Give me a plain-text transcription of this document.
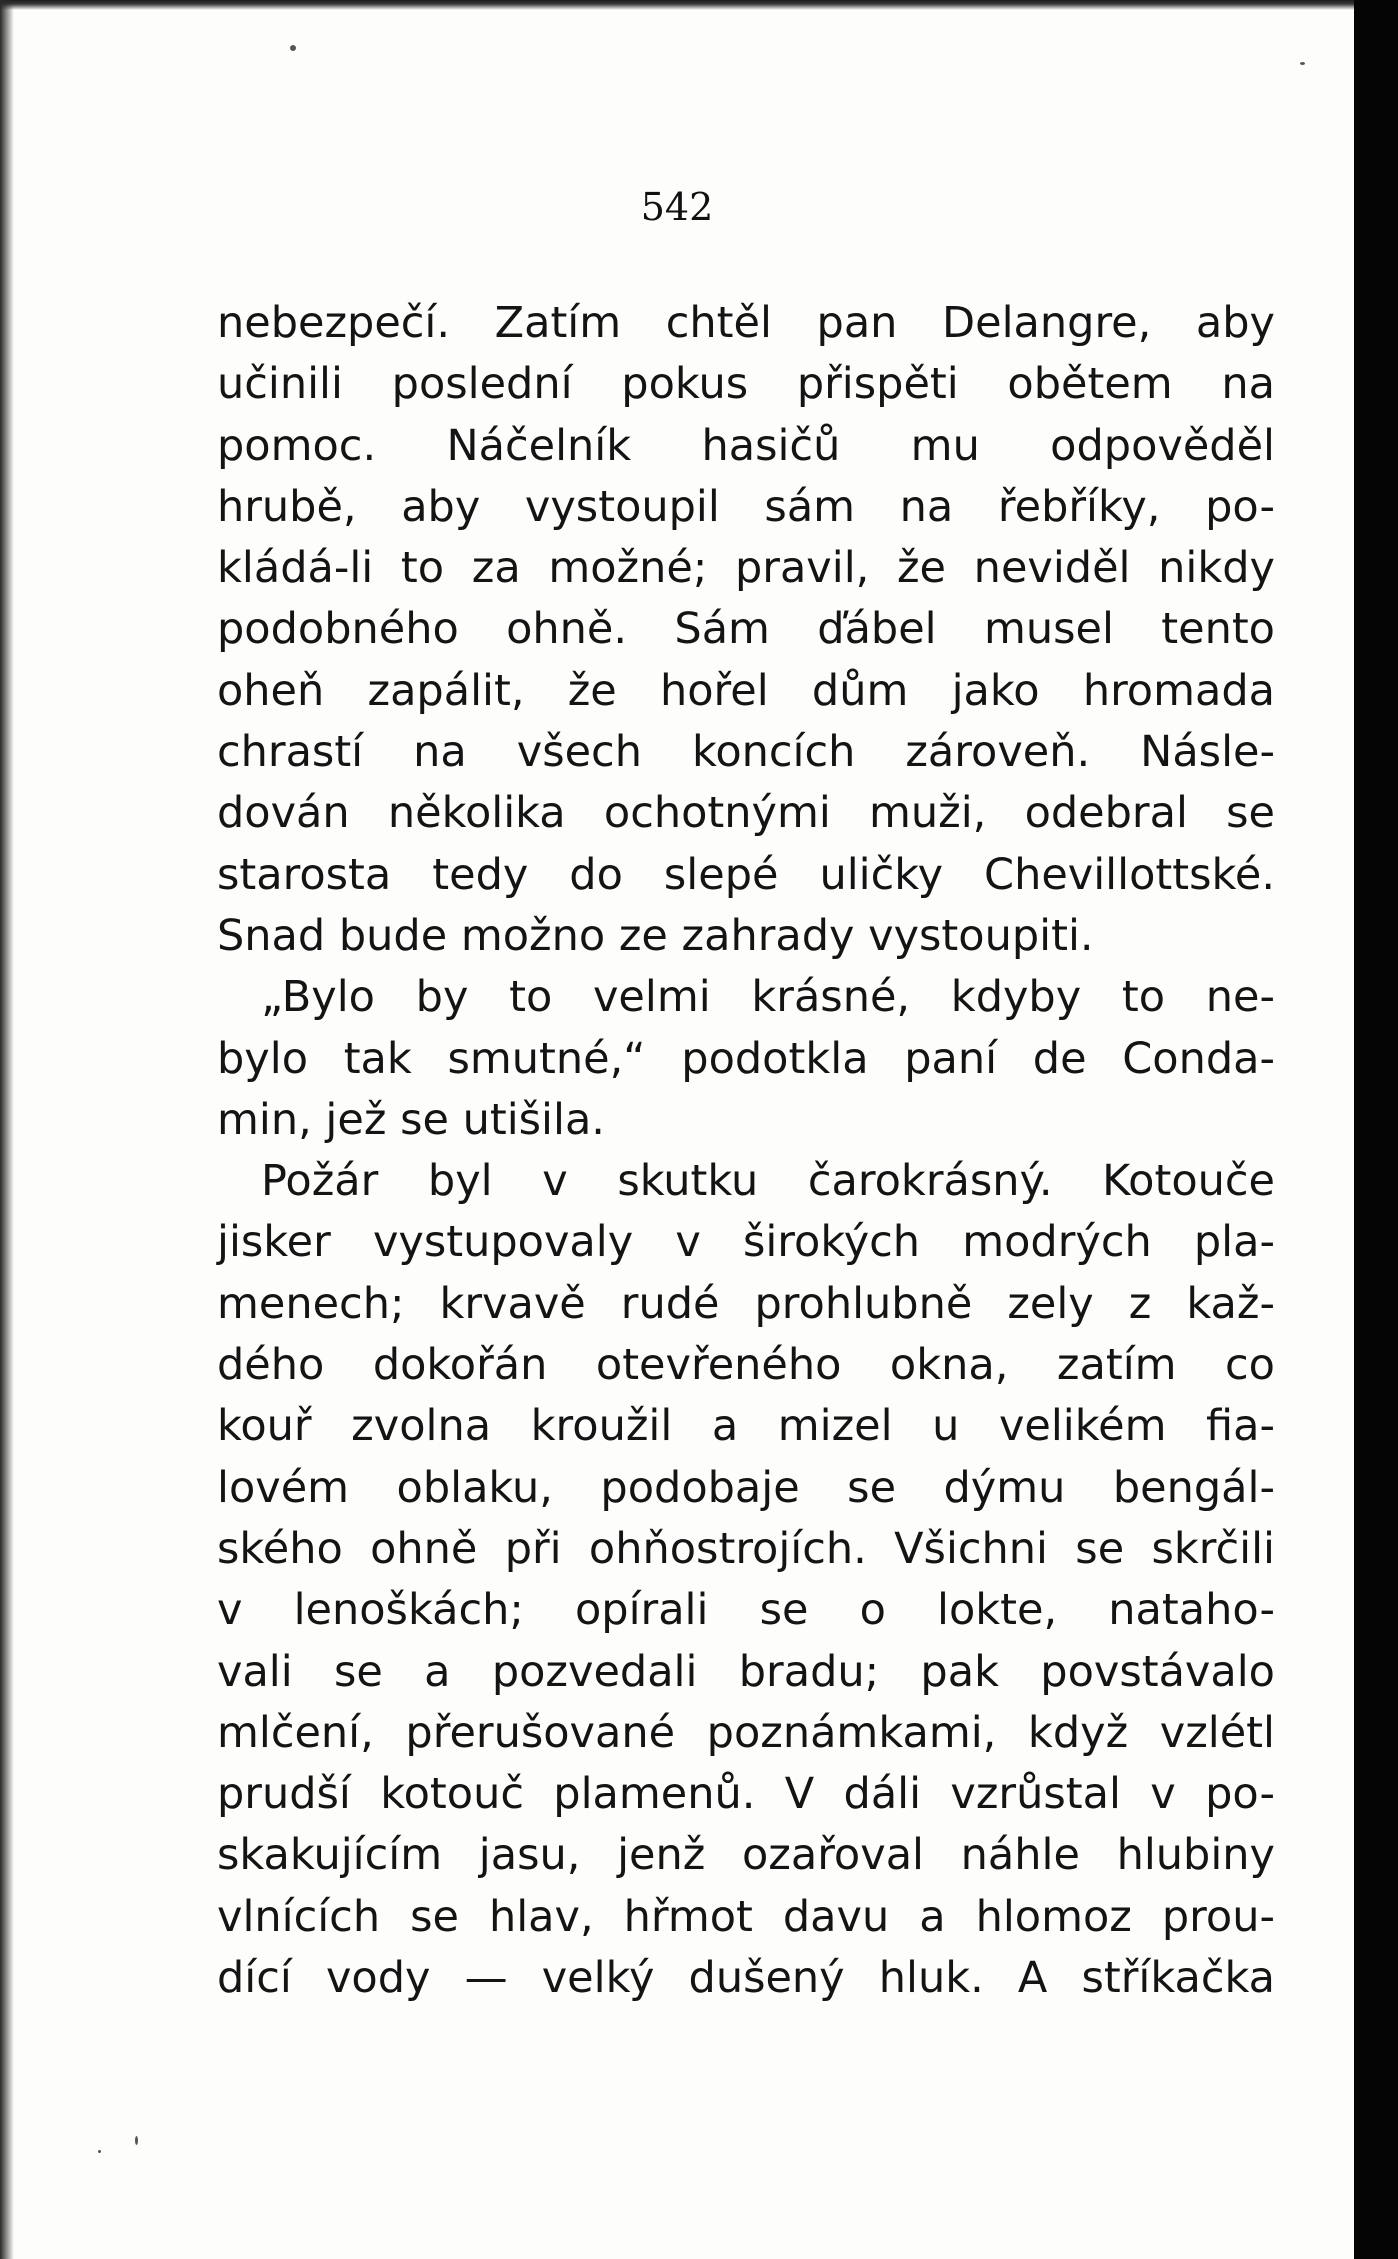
542
nebezpečí. Zatím chtěl pan Delangre, aby
učinili poslední pokus přispěti obětem na
pomoc. Náčelník hasičů mu odpověděl
hrubě, aby vystoupil sám na řebříky, po-
kládá-li to za možné; pravil, že neviděl nikdy
podobného ohně. Sám ďábel musel tento
oheň zapálit, že hořel dům jako hromada
chrastí na všech koncích zároveň. Násle-
dován několika ochotnými muži, odebral se
starosta tedy do slepé uličky Chevillottské.
Snad bude možno ze zahrady vystoupiti.
„Bylo by to velmi krásné, kdyby to ne-
bylo tak smutné,“ podotkla paní de Conda-
min, jež se utišila.
Požár byl v skutku čarokrásný. Kotouče
jisker vystupovaly v širokých modrých pla-
menech; krvavě rudé prohlubně zely z kaž-
dého dokořán otevřeného okna, zatím co
kouř zvolna kroužil a mizel u velikém fia-
lovém oblaku, podobaje se dýmu bengál-
ského ohně při ohňostrojích. Všichni se skrčili
v lenoškách; opírali se o lokte, nataho-
vali se a pozvedali bradu; pak povstávalo
mlčení, přerušované poznámkami, když vzlétl
prudší kotouč plamenů. V dáli vzrůstal v po-
skakujícím jasu, jenž ozařoval náhle hlubiny
vlnících se hlav, hřmot davu a hlomoz prou-
dící vody — velký dušený hluk. A stříkačka
